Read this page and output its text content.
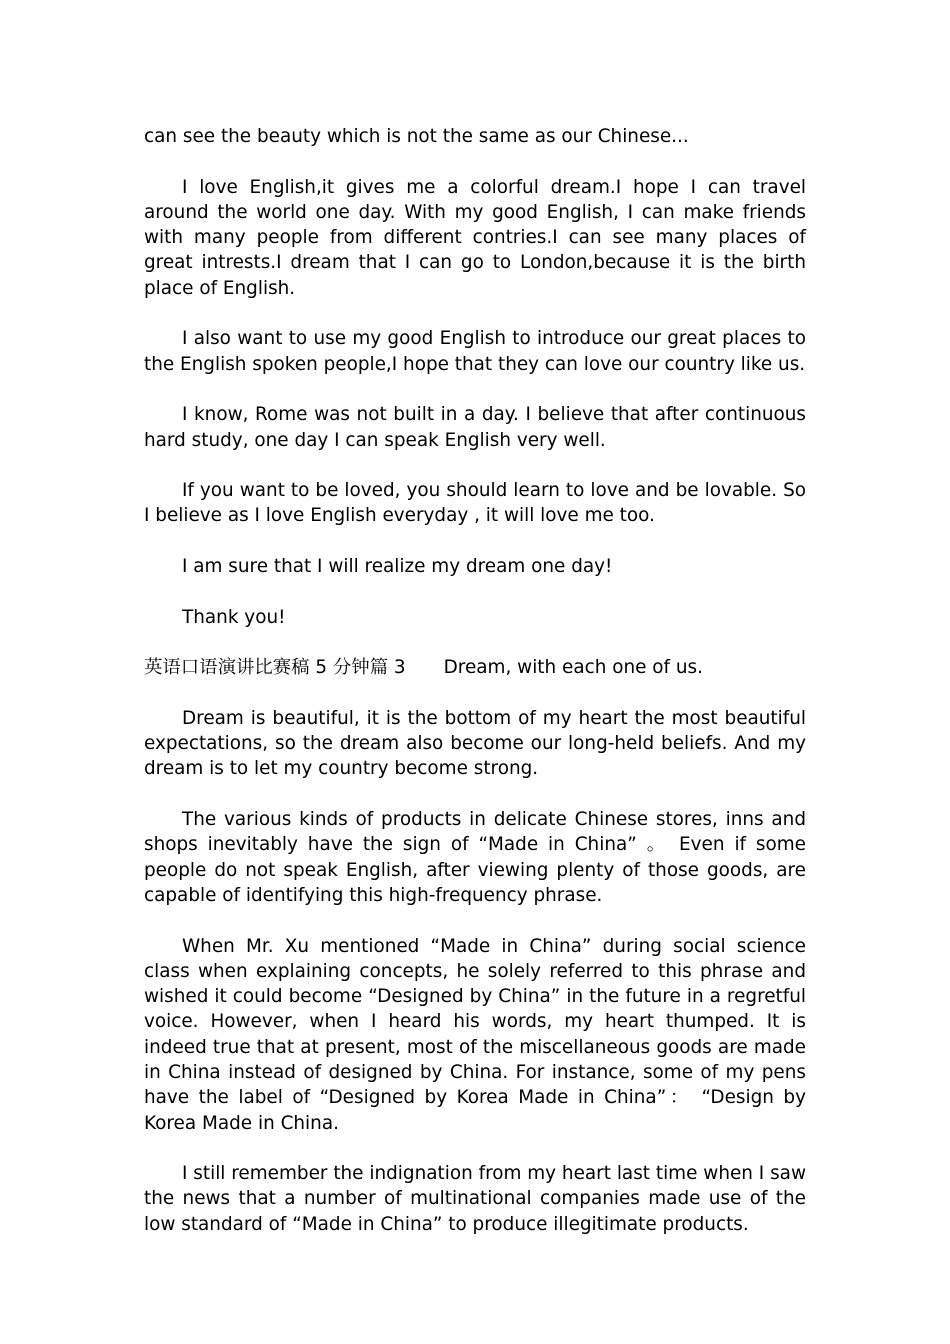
can see the beauty which is not the same as our Chinese...

I love English,it gives me a colorful dream.I hope I can travel around the world one day. With my good English, I can make friends with many people from different contries.I can see many places of great intrests.I dream that I can go to London,because it is the birth place of English.

I also want to use my good English to introduce our great places to the English spoken people,I hope that they can love our country like us.

I know, Rome was not built in a day. I believe that after continuous hard study, one day I can speak English very well.

If you want to be loved, you should learn to love and be lovable. So I believe as I love English everyday , it will love me too.

I am sure that I will realize my dream one day!

Thank you!

英语口语演讲比赛稿 5 分钟篇 3 Dream, with each one of us.

Dream is beautiful, it is the bottom of my heart the most beautiful expectations, so the dream also become our long-held beliefs. And my dream is to let my country become strong.

The various kinds of products in delicate Chinese stores, inns and shops inevitably have the sign of “Made in China” 。 Even if some people do not speak English, after viewing plenty of those goods, are capable of identifying this high-frequency phrase.

When Mr. Xu mentioned “Made in China” during social science class when explaining concepts, he solely referred to this phrase and wished it could become “Designed by China” in the future in a regretful voice. However, when I heard his words, my heart thumped. It is indeed true that at present, most of the miscellaneous goods are made in China instead of designed by China. For instance, some of my pens have the label of “Designed by Korea Made in China”： “Design by Korea Made in China.

I still remember the indignation from my heart last time when I saw the news that a number of multinational companies made use of the low standard of “Made in China” to produce illegitimate products.
